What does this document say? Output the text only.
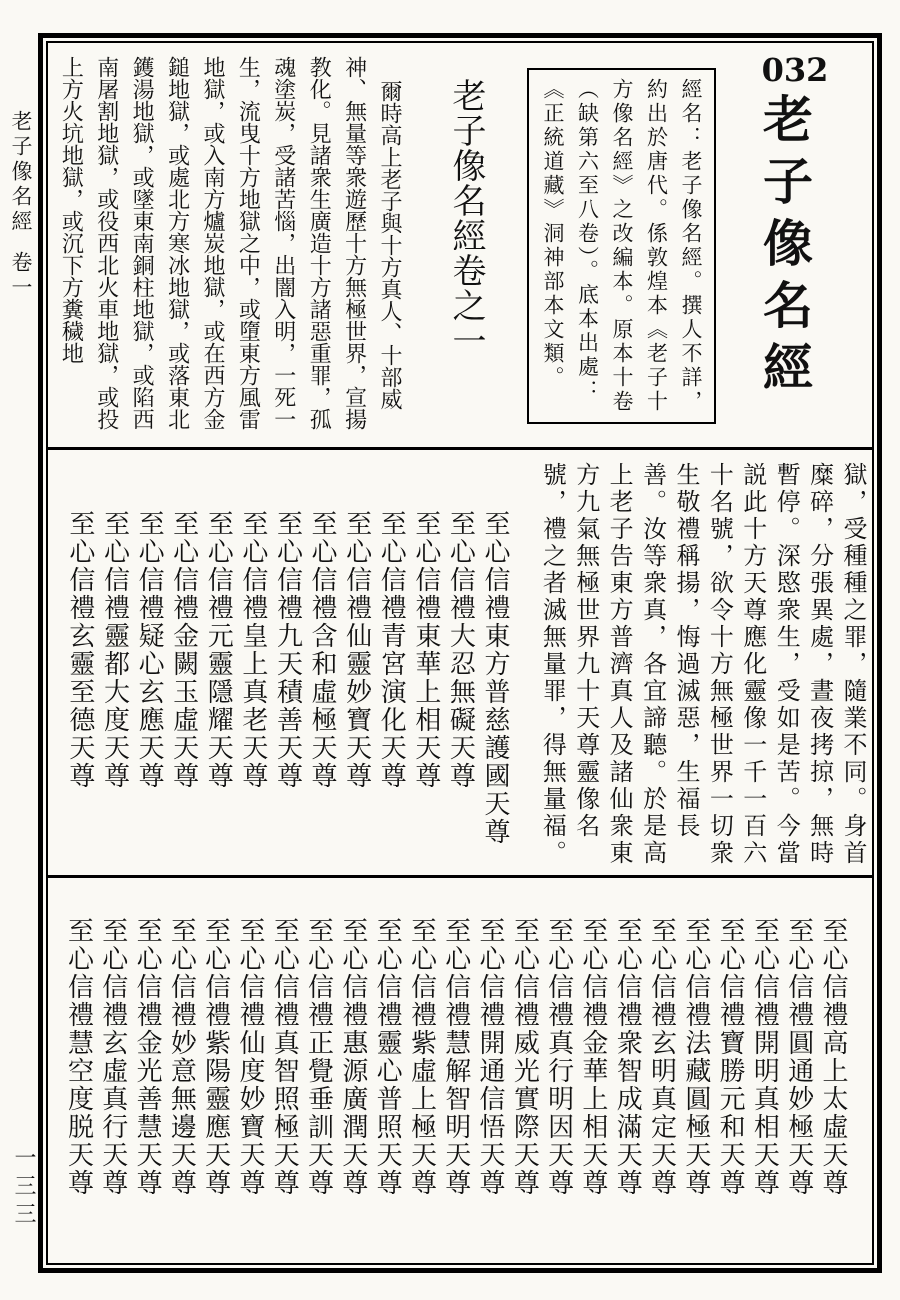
老子像名經卷一
一三三
032
老子像名經
經名：老子像名經。撰人不詳，約出於唐代。係敦煌本《老子十方像名經》之改編本。原本十卷（缺第六至八卷）。底本出處：《正統道藏》洞神部本文類。
老子像名經卷之一
爾時高上老子與十方真人、十部威神、無量等衆遊歷十方無極世界，宣揚教化。見諸衆生廣造十方諸惡重罪，孤魂塗炭，受諸苦惱，出闇入明，一死一生，流曳十方地獄之中，或墮東方風雷地獄，或入南方爐炭地獄，或在西方金鎚地獄，或處北方寒冰地獄，或落東北鑊湯地獄，或墜東南銅柱地獄，或陷西南屠割地獄，或役西北火車地獄，或投上方火坑地獄，或沉下方糞穢地
獄，受種種之罪，隨業不同。身首糜碎，分張異處，晝夜拷掠，無時暫停。深愍衆生，受如是苦。今當説此十方天尊應化靈像一千一百六十名號，欲令十方無極世界一切衆生敬禮稱揚，悔過滅惡，生福長善。汝等衆真，各宜諦聽。於是高上老子告東方普濟真人及諸仙衆東方九氣無極世界九十天尊靈像名號，禮之者滅無量罪，得無量福。
至心信禮東方普慈護國天尊
至心信禮大忍無礙天尊
至心信禮東華上相天尊
至心信禮青宮演化天尊
至心信禮仙靈妙寶天尊
至心信禮含和虛極天尊
至心信禮九天積善天尊
至心信禮皇上真老天尊
至心信禮元靈隱耀天尊
至心信禮金闕玉虛天尊
至心信禮疑心玄應天尊
至心信禮靈都大度天尊
至心信禮玄靈至德天尊
至心信禮高上太虛天尊
至心信禮圓通妙極天尊
至心信禮開明真相天尊
至心信禮寶勝元和天尊
至心信禮法藏圓極天尊
至心信禮玄明真定天尊
至心信禮衆智成滿天尊
至心信禮金華上相天尊
至心信禮真行明因天尊
至心信禮威光實際天尊
至心信禮開通信悟天尊
至心信禮慧解智明天尊
至心信禮紫虛上極天尊
至心信禮靈心普照天尊
至心信禮惠源廣潤天尊
至心信禮正覺垂訓天尊
至心信禮真智照極天尊
至心信禮仙度妙寶天尊
至心信禮紫陽靈應天尊
至心信禮妙意無邊天尊
至心信禮金光善慧天尊
至心信禮玄虛真行天尊
至心信禮慧空度脱天尊
